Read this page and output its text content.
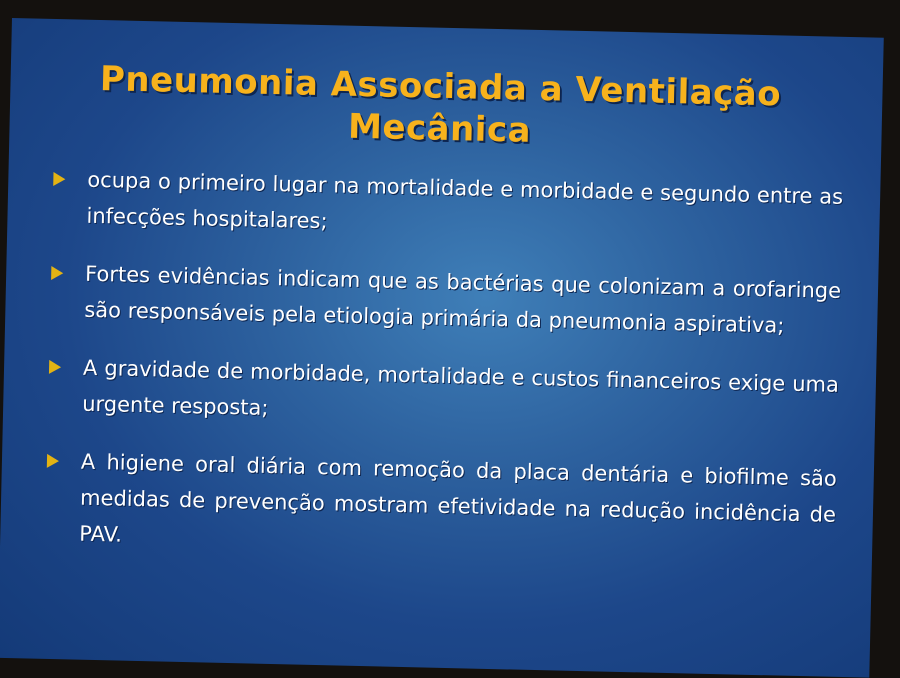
Pneumonia Associada a Ventilação
Mecânica
ocupa o primeiro lugar na mortalidade e morbidade e segundo entre as infecções hospitalares;
Fortes evidências indicam que as bactérias que colonizam a orofaringe são responsáveis pela etiologia primária da pneumonia aspirativa;
A gravidade de morbidade, mortalidade e custos financeiros exige uma urgente resposta;
A higiene oral diária com remoção da placa dentária e biofilme são medidas de prevenção mostram efetividade na redução incidência de PAV.
